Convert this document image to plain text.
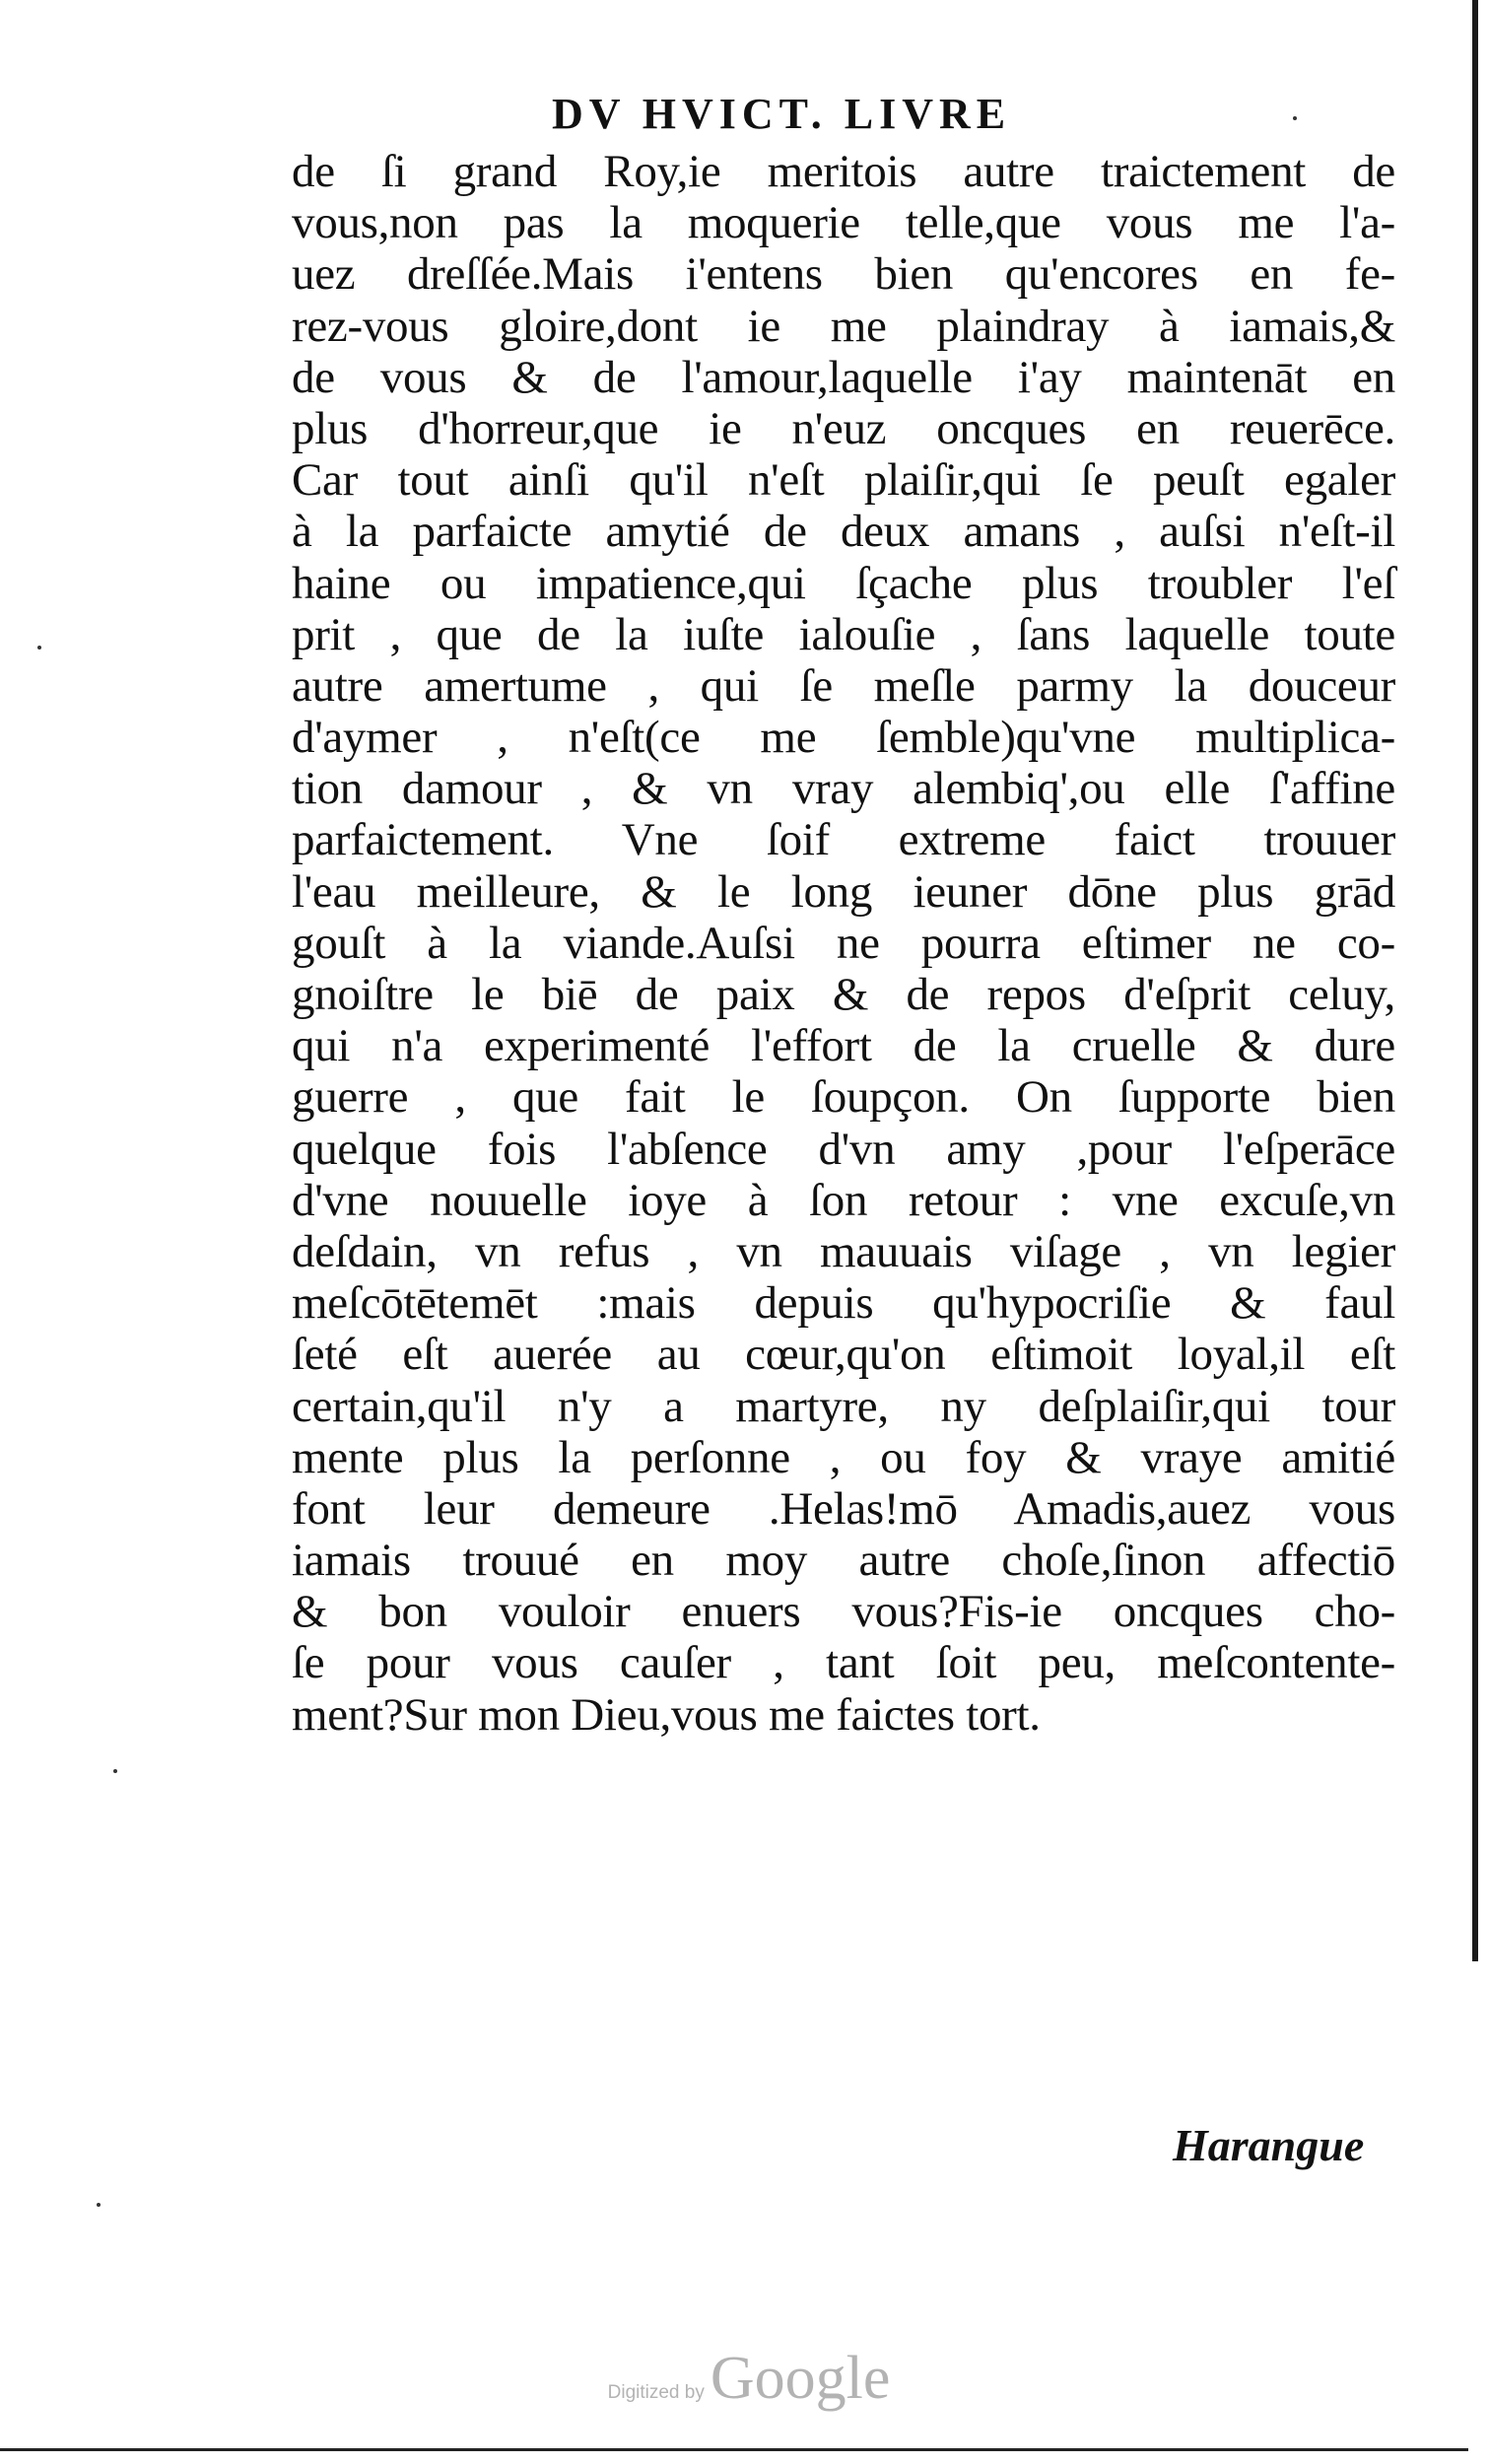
DV HVICT. LIVRE
de ſi grand Roy,ie meritois autre traictement de
vous,non pas la moquerie telle,que vous me l'a-
uez dreſſée.Mais i'entens bien qu'encores en fe-
rez-vous gloire,dont ie me plaindray à iamais,&
de vous & de l'amour,laquelle i'ay maintenāt en
plus d'horreur,que ie n'euz oncques en reuerēce.
Car tout ainſi qu'il n'eſt plaiſir,qui ſe peuſt egaler
à la parfaicte amytié de deux amans , auſsi n'eſt-il
haine ou impatience,qui ſçache plus troubler l'eſ
prit , que de la iuſte ialouſie , ſans laquelle toute
autre amertume , qui ſe meſle parmy la douceur
d'aymer , n'eſt(ce me ſemble)qu'vne multiplica-
tion damour , & vn vray alembiq',ou elle ſ'affine
parfaictement. Vne ſoif extreme faict trouuer
l'eau meilleure, & le long ieuner dōne plus grād
gouſt à la viande.Auſsi ne pourra eſtimer ne co-
gnoiſtre le biē de paix & de repos d'eſprit celuy,
qui n'a experimenté l'effort de la cruelle & dure
guerre , que fait le ſoupçon. On ſupporte bien
quelque fois l'abſence d'vn amy ,pour l'eſperāce
d'vne nouuelle ioye à ſon retour : vne excuſe,vn
deſdain, vn refus , vn mauuais viſage , vn legier
meſcōtētemēt :mais depuis qu'hypocriſie & faul
ſeté eſt auerée au cœur,qu'on eſtimoit loyal,il eſt
certain,qu'il n'y a martyre, ny deſplaiſir,qui tour
mente plus la perſonne , ou foy & vraye amitié
font leur demeure .Helas!mō Amadis,auez vous
iamais trouué en moy autre choſe,ſinon affectiō
& bon vouloir enuers vous?Fis-ie oncques cho-
ſe pour vous cauſer , tant ſoit peu, meſcontente-
ment?Sur mon Dieu,vous me faictes tort.
Harangue
Digitized byGoogle
